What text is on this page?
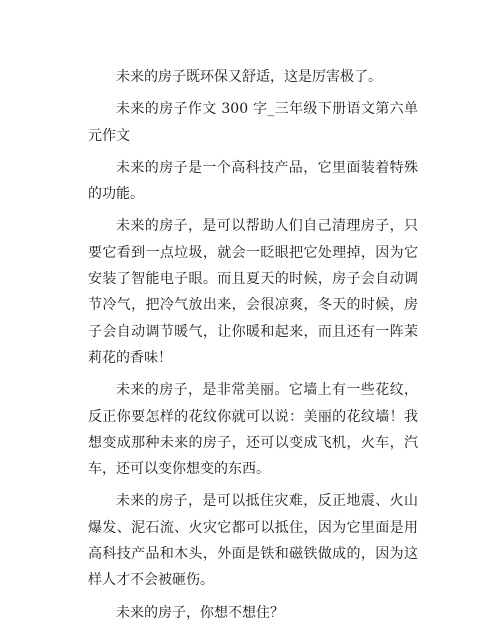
未来的房子既环保又舒适，这是厉害极了。

未来的房子作文 300 字_三年级下册语文第六单元作文

未来的房子是一个高科技产品，它里面装着特殊的功能。

未来的房子，是可以帮助人们自己清理房子，只要它看到一点垃圾，就会一眨眼把它处理掉，因为它安装了智能电子眼。而且夏天的时候，房子会自动调节冷气，把冷气放出来，会很凉爽，冬天的时候，房子会自动调节暖气，让你暖和起来，而且还有一阵茉莉花的香味！

未来的房子，是非常美丽。它墙上有一些花纹，反正你要怎样的花纹你就可以说：美丽的花纹墙！我想变成那种未来的房子，还可以变成飞机，火车，汽车，还可以变你想变的东西。

未来的房子，是可以抵住灾难，反正地震、火山爆发、泥石流、火灾它都可以抵住，因为它里面是用高科技产品和木头，外面是铁和磁铁做成的，因为这样人才不会被砸伤。

未来的房子，你想不想住？
